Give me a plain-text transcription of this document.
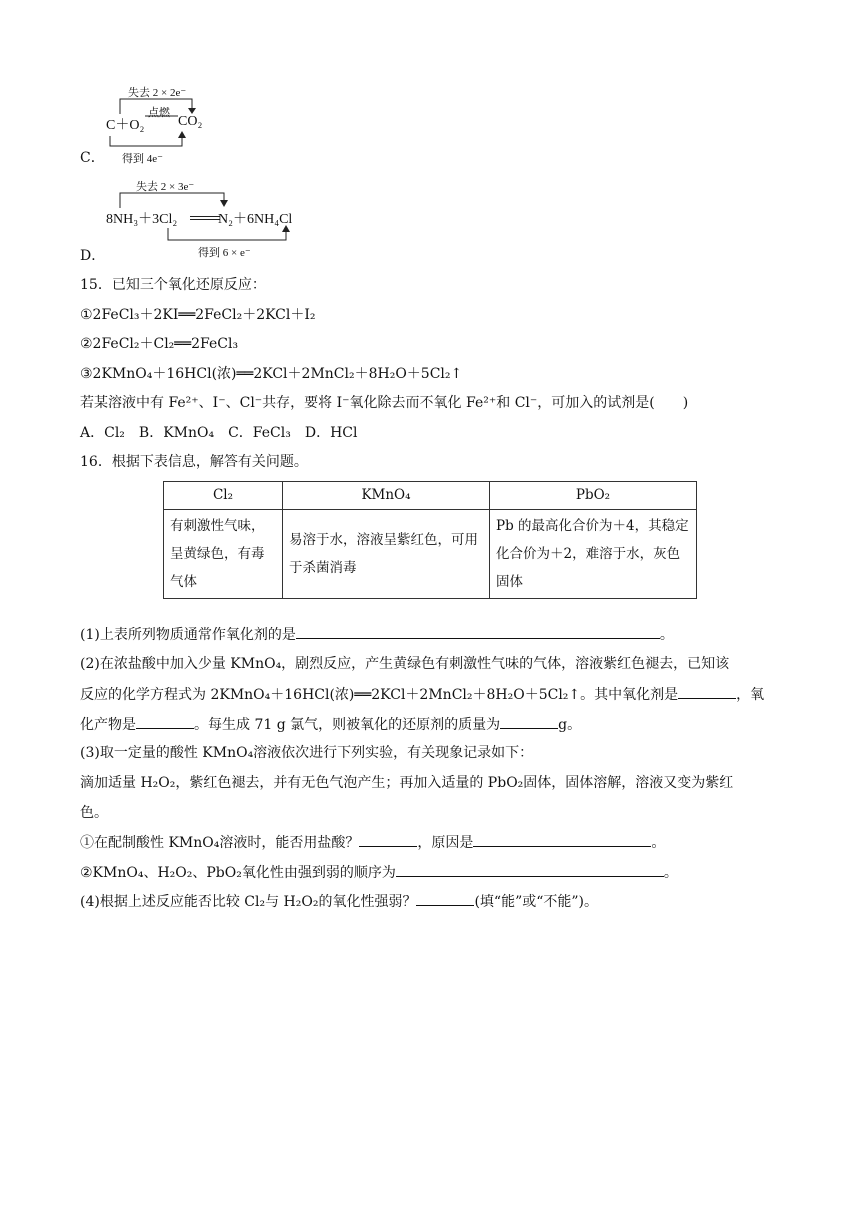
失去 2 × 2e⁻
点燃
C＋O₂ CO₂
得到 4e⁻
C．
失去 2 × 3e⁻
8NH₃＋3Cl₂	N₂＋6NH₄Cl
得到 6 × e⁻
D．
15．已知三个氧化还原反应：
①2FeCl₃＋2KI══2FeCl₂＋2KCl＋I₂
②2FeCl₂＋Cl₂══2FeCl₃
③2KMnO₄＋16HCl(浓)══2KCl＋2MnCl₂＋8H₂O＋5Cl₂↑
若某溶液中有 Fe²⁺、I⁻、Cl⁻共存，要将 I⁻氧化除去而不氧化 Fe²⁺和 Cl⁻，可加入的试剂是(　　)
A．Cl₂　B．KMnO₄　C．FeCl₃　D．HCl
16．根据下表信息，解答有关问题。
Cl₂	KMnO₄	PbO₂
有刺激性气味，呈黄绿色，有毒气体	易溶于水，溶液呈紫红色，可用于杀菌消毒	Pb 的最高化合价为＋4，其稳定化合价为＋2，难溶于水，灰色固体
(1)上表所列物质通常作氧化剂的是	。
(2)在浓盐酸中加入少量 KMnO₄，剧烈反应，产生黄绿色有刺激性气味的气体，溶液紫红色褪去，已知该
反应的化学方程式为 2KMnO₄＋16HCl(浓)══2KCl＋2MnCl₂＋8H₂O＋5Cl₂↑。其中氧化剂是	，氧
化产物是	。每生成 71 g 氯气，则被氧化的还原剂的质量为	g。
(3)取一定量的酸性 KMnO₄溶液依次进行下列实验，有关现象记录如下：
滴加适量 H₂O₂，紫红色褪去，并有无色气泡产生；再加入适量的 PbO₂固体，固体溶解，溶液又变为紫红
色。
①在配制酸性 KMnO₄溶液时，能否用盐酸？	，原因是	。
②KMnO₄、H₂O₂、PbO₂氧化性由强到弱的顺序为	。
(4)根据上述反应能否比较 Cl₂与 H₂O₂的氧化性强弱？	(填“能”或“不能”)。
